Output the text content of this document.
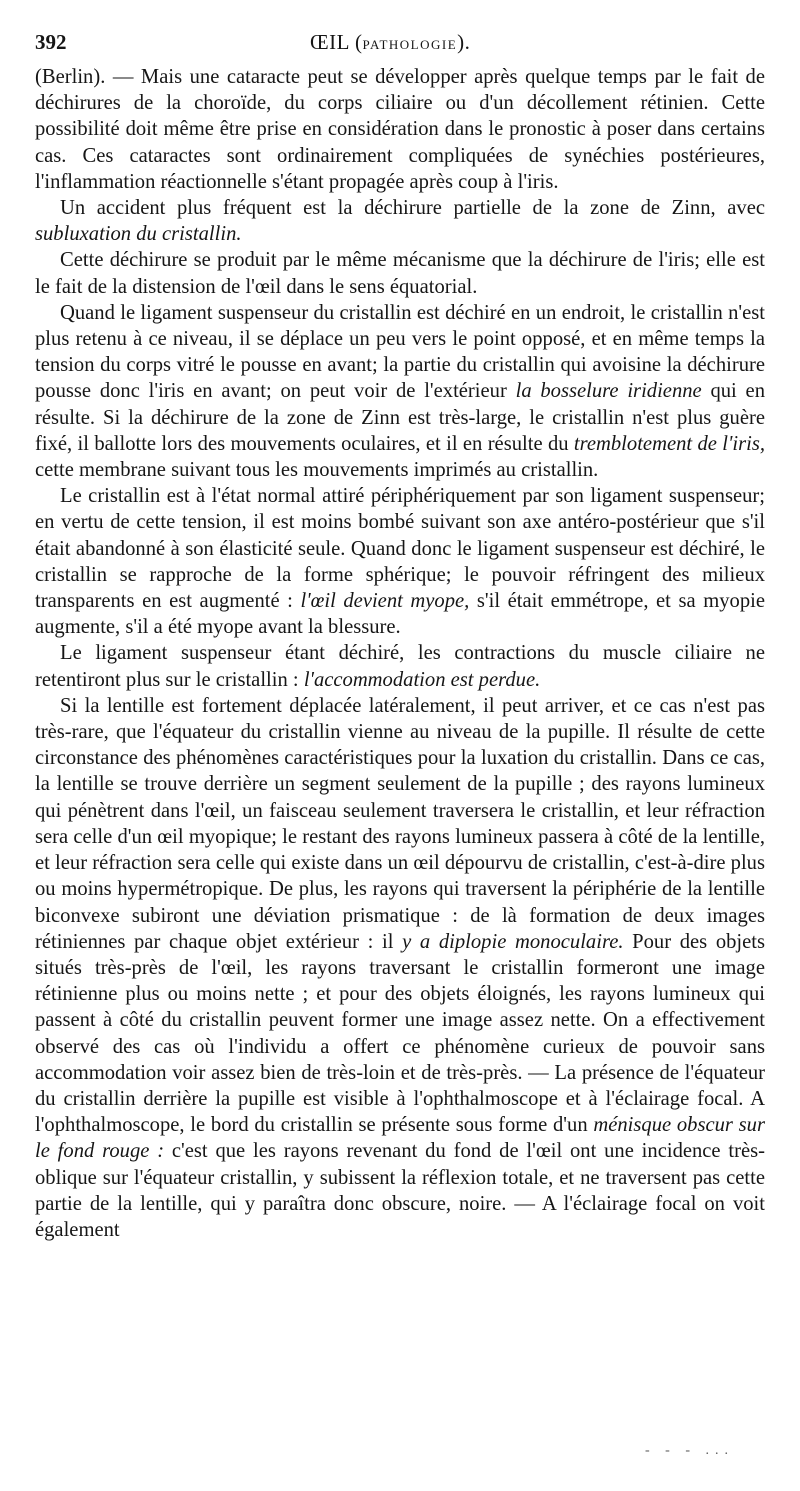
392	ŒIL (PATHOLOGIE).

(Berlin). — Mais une cataracte peut se développer après quelque temps par le fait de déchirures de la choroïde, du corps ciliaire ou d'un décollement rétinien. Cette possibilité doit même être prise en considération dans le pronostic à poser dans certains cas. Ces cataractes sont ordinairement compliquées de synéchies postérieures, l'inflammation réactionnelle s'étant propagée après coup à l'iris.

Un accident plus fréquent est la déchirure partielle de la zone de Zinn, avec subluxation du cristallin.

Cette déchirure se produit par le même mécanisme que la déchirure de l'iris; elle est le fait de la distension de l'œil dans le sens équatorial.

Quand le ligament suspenseur du cristallin est déchiré en un endroit, le cristallin n'est plus retenu à ce niveau, il se déplace un peu vers le point opposé, et en même temps la tension du corps vitré le pousse en avant; la partie du cristallin qui avoisine la déchirure pousse donc l'iris en avant; on peut voir de l'extérieur la bosselure iridienne qui en résulte. Si la déchirure de la zone de Zinn est très-large, le cristallin n'est plus guère fixé, il ballotte lors des mouvements oculaires, et il en résulte du tremblotement de l'iris, cette membrane suivant tous les mouvements imprimés au cristallin.

Le cristallin est à l'état normal attiré périphériquement par son ligament suspenseur; en vertu de cette tension, il est moins bombé suivant son axe antéro-postérieur que s'il était abandonné à son élasticité seule. Quand donc le ligament suspenseur est déchiré, le cristallin se rapproche de la forme sphérique; le pouvoir réfringent des milieux transparents en est augmenté : l'œil devient myope, s'il était emmétrope, et sa myopie augmente, s'il a été myope avant la blessure.

Le ligament suspenseur étant déchiré, les contractions du muscle ciliaire ne retentiront plus sur le cristallin : l'accommodation est perdue.

Si la lentille est fortement déplacée latéralement, il peut arriver, et ce cas n'est pas très-rare, que l'équateur du cristallin vienne au niveau de la pupille. Il résulte de cette circonstance des phénomènes caractéristiques pour la luxation du cristallin. Dans ce cas, la lentille se trouve derrière un segment seulement de la pupille ; des rayons lumineux qui pénètrent dans l'œil, un faisceau seulement traversera le cristallin, et leur réfraction sera celle d'un œil myopique; le restant des rayons lumineux passera à côté de la lentille, et leur réfraction sera celle qui existe dans un œil dépourvu de cristallin, c'est-à-dire plus ou moins hypermétropique. De plus, les rayons qui traversent la périphérie de la lentille biconvexe subiront une déviation prismatique : de là formation de deux images rétiniennes par chaque objet extérieur : il y a diplopie monoculaire. Pour des objets situés très-près de l'œil, les rayons traversant le cristallin formeront une image rétinienne plus ou moins nette ; et pour des objets éloignés, les rayons lumineux qui passent à côté du cristallin peuvent former une image assez nette. On a effectivement observé des cas où l'individu a offert ce phénomène curieux de pouvoir sans accommodation voir assez bien de très-loin et de très-près. — La présence de l'équateur du cristallin derrière la pupille est visible à l'ophthalmoscope et à l'éclairage focal. A l'ophthalmoscope, le bord du cristallin se présente sous forme d'un ménisque obscur sur le fond rouge : c'est que les rayons revenant du fond de l'œil ont une incidence très-oblique sur l'équateur cristallin, y subissent la réflexion totale, et ne traversent pas cette partie de la lentille, qui y paraîtra donc obscure, noire. — A l'éclairage focal on voit également

- - - ...
